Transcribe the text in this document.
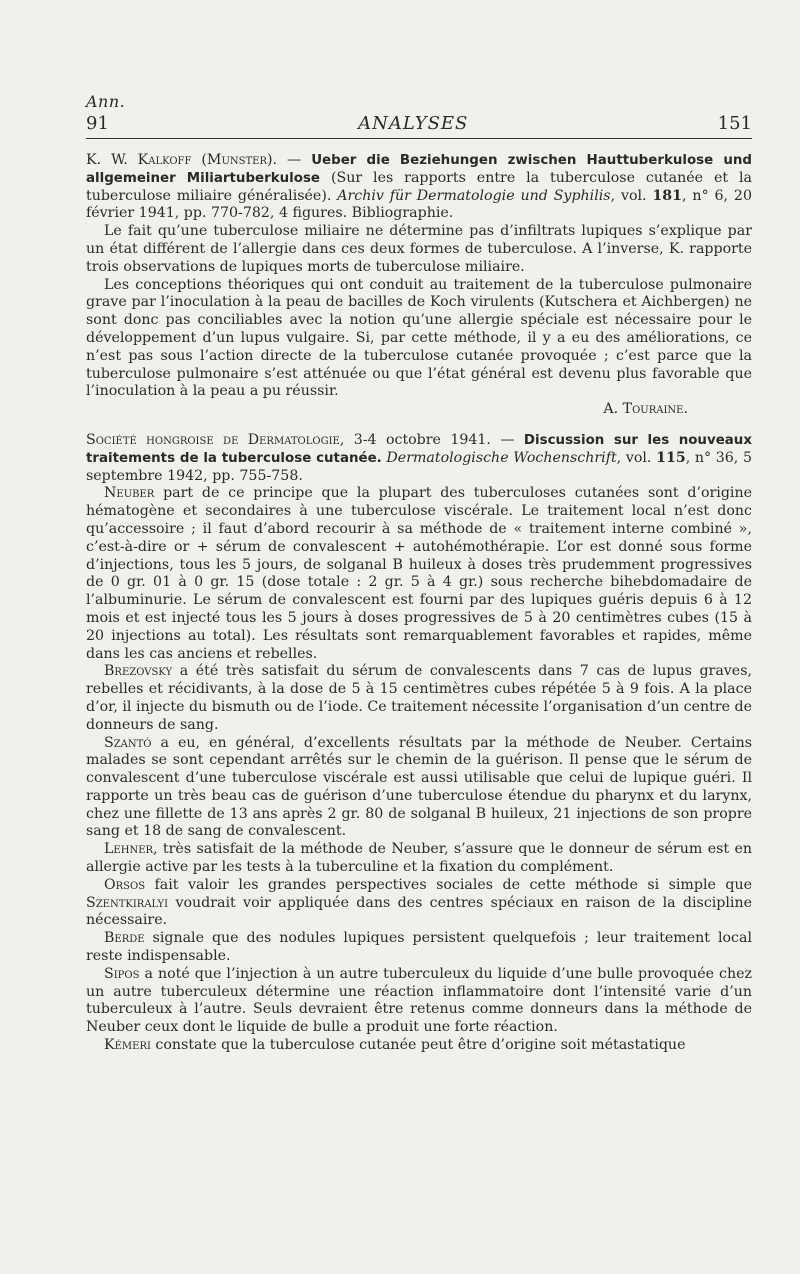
Ann.
91	ANALYSES	151

K. W. Kalkoff (Munster). — Ueber die Beziehungen zwischen Hauttuberkulose und allgemeiner Miliartuberkulose (Sur les rapports entre la tuberculose cutanée et la tuberculose miliaire généralisée). Archiv für Dermatologie und Syphilis, vol. 181, n° 6, 20 février 1941, pp. 770-782, 4 figures. Bibliographie.

Le fait qu’une tuberculose miliaire ne détermine pas d’infiltrats lupiques s’explique par un état différent de l’allergie dans ces deux formes de tuberculose. A l’inverse, K. rapporte trois observations de lupiques morts de tuberculose miliaire.

Les conceptions théoriques qui ont conduit au traitement de la tuberculose pulmonaire grave par l’inoculation à la peau de bacilles de Koch virulents (Kutschera et Aichbergen) ne sont donc pas conciliables avec la notion qu’une allergie spéciale est nécessaire pour le développement d’un lupus vulgaire. Si, par cette méthode, il y a eu des améliorations, ce n’est pas sous l’action directe de la tuberculose cutanée provoquée ; c’est parce que la tuberculose pulmonaire s’est atténuée ou que l’état général est devenu plus favorable que l’inoculation à la peau a pu réussir.

A. Touraine.

Société hongroise de Dermatologie, 3-4 octobre 1941. — Discussion sur les nouveaux traitements de la tuberculose cutanée. Dermatologische Wochenschrift, vol. 115, n° 36, 5 septembre 1942, pp. 755-758.

Neuber part de ce principe que la plupart des tuberculoses cutanées sont d’origine hématogène et secondaires à une tuberculose viscérale. Le traitement local n’est donc qu’accessoire ; il faut d’abord recourir à sa méthode de « traitement interne combiné », c’est-à-dire or + sérum de convalescent + autohémothérapie. L’or est donné sous forme d’injections, tous les 5 jours, de solganal B huileux à doses très prudemment progressives de 0 gr. 01 à 0 gr. 15 (dose totale : 2 gr. 5 à 4 gr.) sous recherche bihebdomadaire de l’albuminurie. Le sérum de convalescent est fourni par des lupiques guéris depuis 6 à 12 mois et est injecté tous les 5 jours à doses progressives de 5 à 20 centimètres cubes (15 à 20 injections au total). Les résultats sont remarquablement favorables et rapides, même dans les cas anciens et rebelles.

Brezovsky a été très satisfait du sérum de convalescents dans 7 cas de lupus graves, rebelles et récidivants, à la dose de 5 à 15 centimètres cubes répétée 5 à 9 fois. A la place d’or, il injecte du bismuth ou de l’iode. Ce traitement nécessite l’organisation d’un centre de donneurs de sang.

Szantó a eu, en général, d’excellents résultats par la méthode de Neuber. Certains malades se sont cependant arrêtés sur le chemin de la guérison. Il pense que le sérum de convalescent d’une tuberculose viscérale est aussi utilisable que celui de lupique guéri. Il rapporte un très beau cas de guérison d’une tuberculose étendue du pharynx et du larynx, chez une fillette de 13 ans après 2 gr. 80 de solganal B huileux, 21 injections de son propre sang et 18 de sang de convalescent.

Lehner, très satisfait de la méthode de Neuber, s’assure que le donneur de sérum est en allergie active par les tests à la tuberculine et la fixation du complément.

Orsos fait valoir les grandes perspectives sociales de cette méthode si simple que Szentkiralyi voudrait voir appliquée dans des centres spéciaux en raison de la discipline nécessaire.

Berde signale que des nodules lupiques persistent quelquefois ; leur traitement local reste indispensable.

Sipos a noté que l’injection à un autre tuberculeux du liquide d’une bulle provoquée chez un autre tuberculeux détermine une réaction inflammatoire dont l’intensité varie d’un tuberculeux à l’autre. Seuls devraient être retenus comme donneurs dans la méthode de Neuber ceux dont le liquide de bulle a produit une forte réaction.

Kémeri constate que la tuberculose cutanée peut être d’origine soit métastatique
